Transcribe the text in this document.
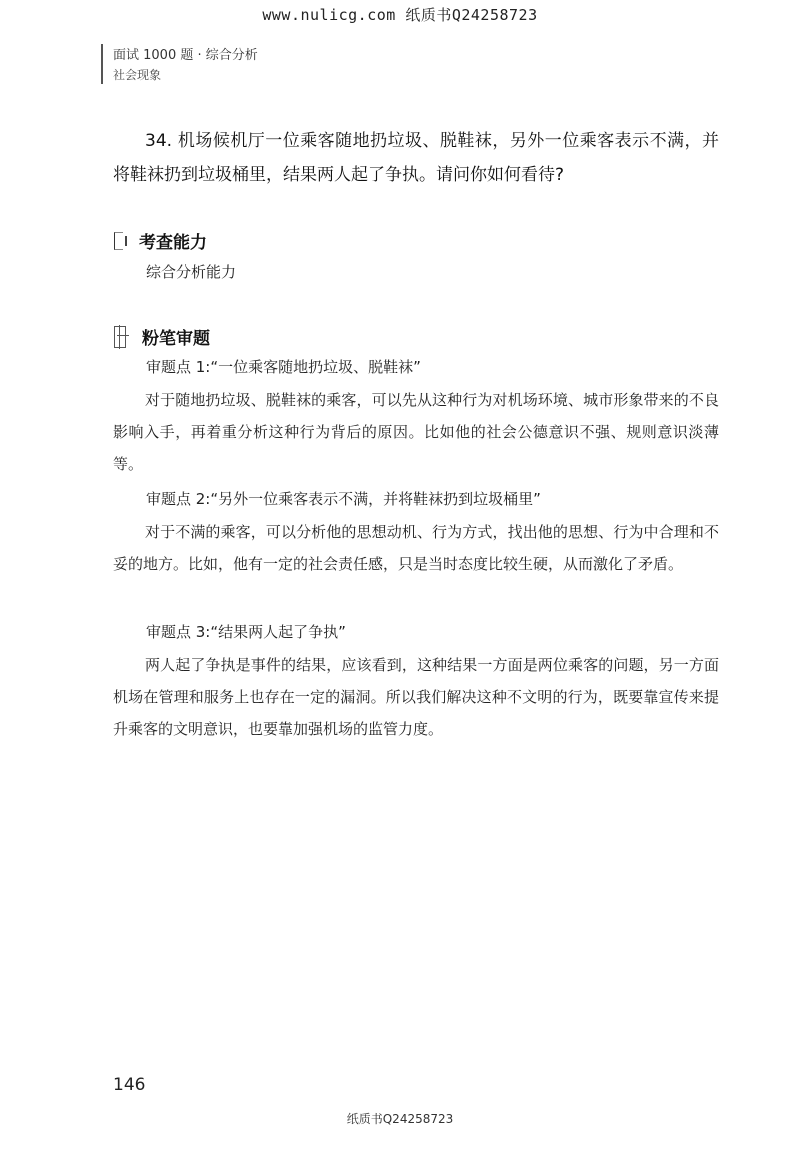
www.nulicg.com 纸质书Q24258723
面试 1000 题 · 综合分析
社会现象
34. 机场候机厅一位乘客随地扔垃圾、脱鞋袜，另外一位乘客表示不满，并将鞋袜扔到垃圾桶里，结果两人起了争执。请问你如何看待?
考查能力
综合分析能力
粉笔审题
审题点 1:“一位乘客随地扔垃圾、脱鞋袜”
对于随地扔垃圾、脱鞋袜的乘客，可以先从这种行为对机场环境、城市形象带来的不良影响入手，再着重分析这种行为背后的原因。比如他的社会公德意识不强、规则意识淡薄等。
审题点 2:“另外一位乘客表示不满，并将鞋袜扔到垃圾桶里”
对于不满的乘客，可以分析他的思想动机、行为方式，找出他的思想、行为中合理和不妥的地方。比如，他有一定的社会责任感，只是当时态度比较生硬，从而激化了矛盾。
审题点 3:“结果两人起了争执”
两人起了争执是事件的结果，应该看到，这种结果一方面是两位乘客的问题，另一方面机场在管理和服务上也存在一定的漏洞。所以我们解决这种不文明的行为，既要靠宣传来提升乘客的文明意识，也要靠加强机场的监管力度。
146
纸质书Q24258723
